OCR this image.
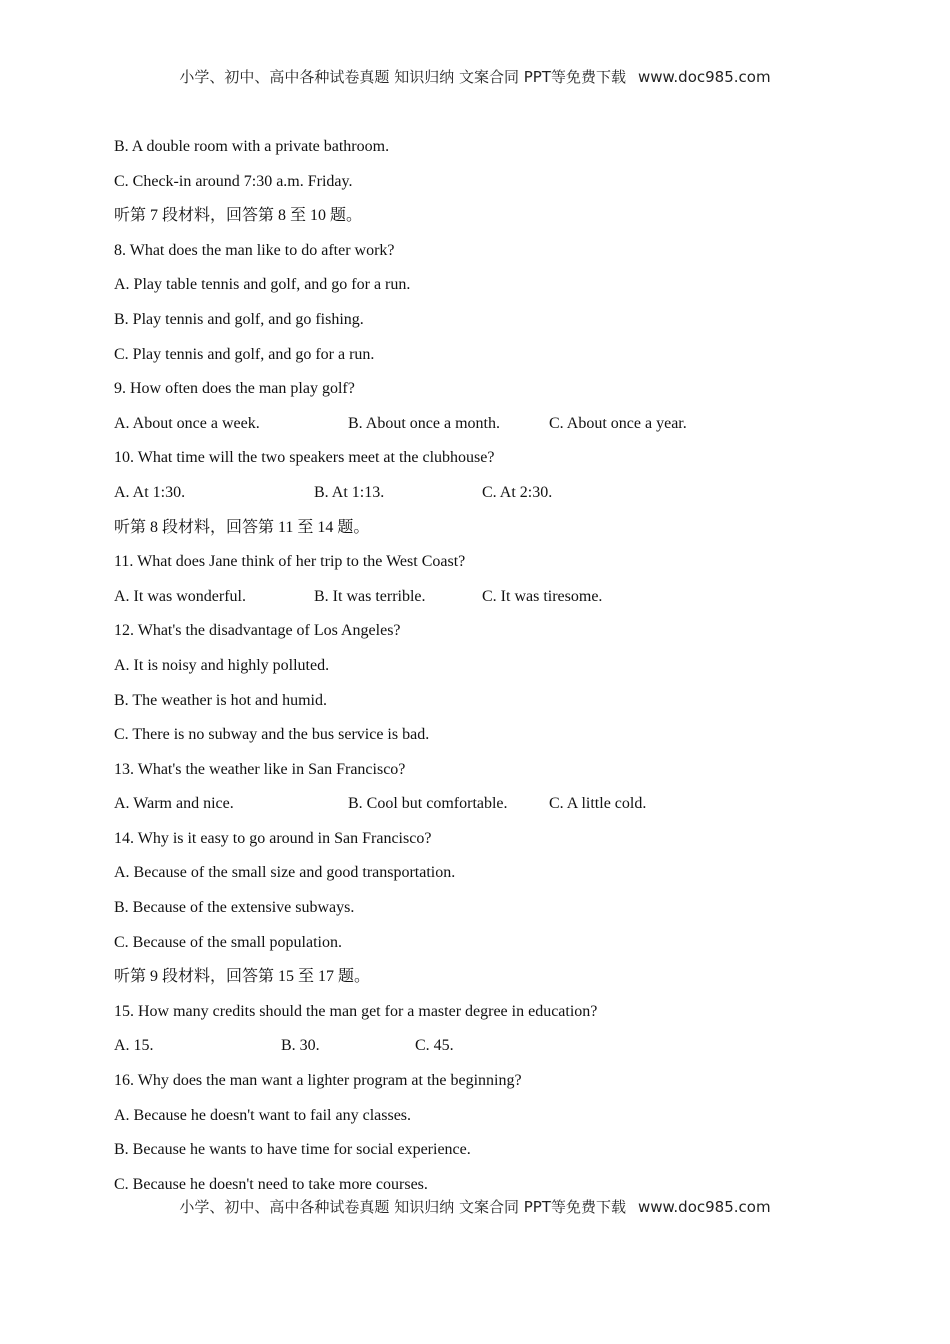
小学、初中、高中各种试卷真题 知识归纳 文案合同 PPT等免费下载 www.doc985.com
B. A double room with a private bathroom.
C. Check-in around 7:30 a.m. Friday.
听第 7 段材料，回答第 8 至 10 题。
8. What does the man like to do after work?
A. Play table tennis and golf, and go for a run.
B. Play tennis and golf, and go fishing.
C. Play tennis and golf, and go for a run.
9. How often does the man play golf?
A. About once a week.	B. About once a month.	C. About once a year.
10. What time will the two speakers meet at the clubhouse?
A. At 1:30.	B. At 1:13.	C. At 2:30.
听第 8 段材料，回答第 11 至 14 题。
11. What does Jane think of her trip to the West Coast?
A. It was wonderful.	B. It was terrible.	C. It was tiresome.
12. What's the disadvantage of Los Angeles?
A. It is noisy and highly polluted.
B. The weather is hot and humid.
C. There is no subway and the bus service is bad.
13. What's the weather like in San Francisco?
A. Warm and nice.	B. Cool but comfortable.	C. A little cold.
14. Why is it easy to go around in San Francisco?
A. Because of the small size and good transportation.
B. Because of the extensive subways.
C. Because of the small population.
听第 9 段材料，回答第 15 至 17 题。
15. How many credits should the man get for a master degree in education?
A. 15.	B. 30.	C. 45.
16. Why does the man want a lighter program at the beginning?
A. Because he doesn't want to fail any classes.
B. Because he wants to have time for social experience.
C. Because he doesn't need to take more courses.
小学、初中、高中各种试卷真题 知识归纳 文案合同 PPT等免费下载 www.doc985.com
